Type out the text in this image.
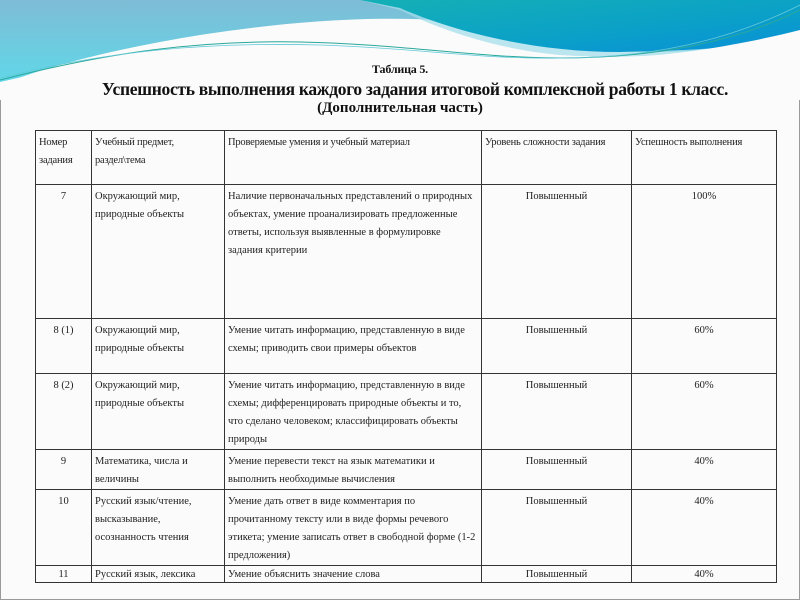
Таблица 5.
Успешность выполнения каждого задания итоговой комплексной работы 1 класс.
(Дополнительная часть)
Номер задания	Учебный предмет, раздел\тема	Проверяемые умения и учебный материал	Уровень сложности задания	Успешность выполнения
7	Окружающий мир, природные объекты	Наличие первоначальных представлений о природных объектах, умение проанализировать предложенные ответы, используя выявленные в формулировке задания критерии	Повышенный	100%
8 (1)	Окружающий мир, природные объекты	Умение читать информацию, представленную в виде схемы; приводить свои примеры объектов	Повышенный	60%
8 (2)	Окружающий мир, природные объекты	Умение читать информацию, представленную в виде схемы; дифференцировать природные объекты и то, что сделано человеком; классифицировать объекты природы	Повышенный	60%
9	Математика, числа и величины	Умение перевести текст на язык математики и выполнить необходимые вычисления	Повышенный	40%
10	Русский язык/чтение, высказывание, осознанность чтения	Умение дать ответ в виде комментария по прочитанному тексту или в виде формы речевого этикета; умение записать ответ в свободной форме (1-2 предложения)	Повышенный	40%
11	Русский язык, лексика	Умение объяснить значение слова	Повышенный	40%
